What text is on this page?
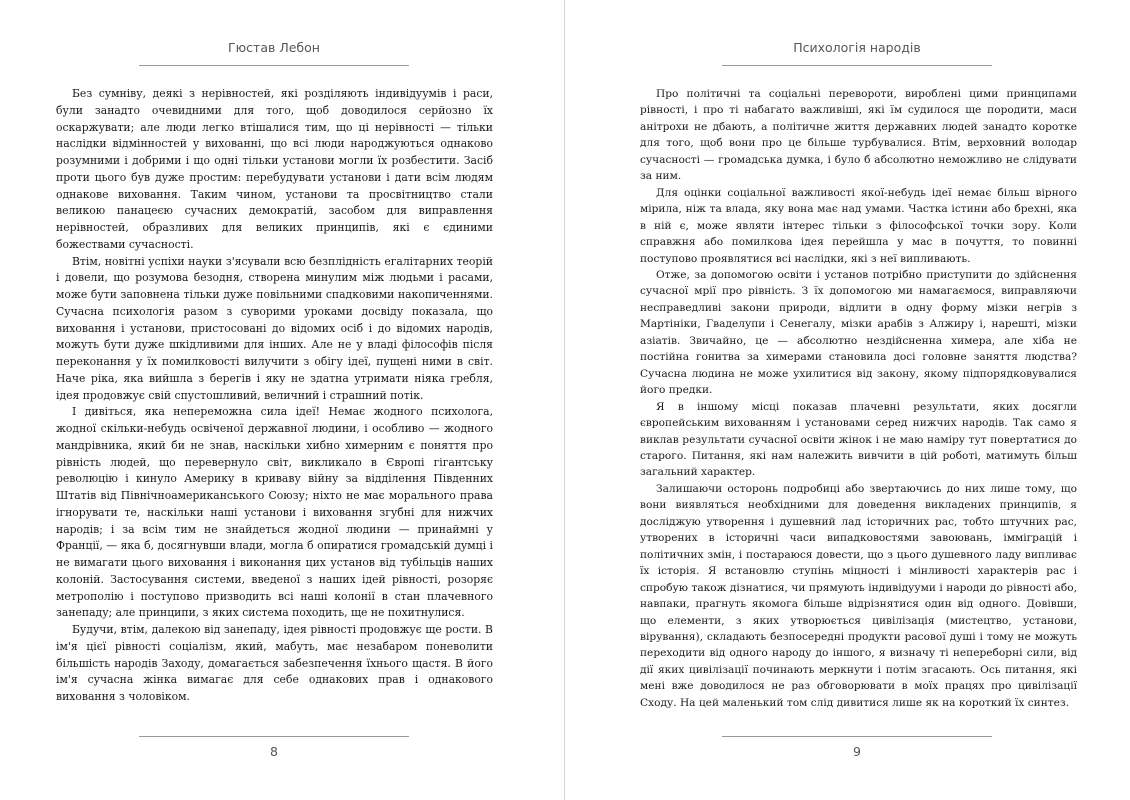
Гюстав Лебон

Без сумніву, деякі з нерівностей, які розділяють індивідуумів і раси, були занадто очевидними для того, щоб доводилося серйозно їх оскаржувати; але люди легко втішалися тим, що ці нерівності — тільки наслідки відмінностей у вихованні, що всі люди народжуються однаково розумними і добрими і що одні тільки установи могли їх розбестити. Засіб проти цього був дуже простим: перебудувати установи і дати всім людям однакове виховання. Таким чином, установи та просвітництво стали великою панацеєю сучасних демократій, засобом для виправлення нерівностей, образливих для великих принципів, які є єдиними божествами сучасності.

Втім, новітні успіхи науки з'ясували всю безплідність егалітарних теорій і довели, що розумова безодня, створена минулим між людьми і расами, може бути заповнена тільки дуже повільними спадковими накопиченнями. Сучасна психологія разом з суворими уроками досвіду показала, що виховання і установи, пристосовані до відомих осіб і до відомих народів, можуть бути дуже шкідливими для інших. Але не у владі філософів після переконання у їх помилковості вилучити з обігу ідеї, пущені ними в світ. Наче ріка, яка вийшла з берегів і яку не здатна утримати ніяка гребля, ідея продовжує свій спустошливий, величний і страшний потік.

І дивіться, яка непереможна сила ідеї! Немає жодного психолога, жодної скільки-небудь освіченої державної людини, і особливо — жодного мандрівника, який би не знав, наскільки хибно химерним є поняття про рівність людей, що перевернуло світ, викликало в Європі гігантську революцію і кинуло Америку в криваву війну за відділення Південних Штатів від Північноамериканського Союзу; ніхто не має морального права ігнорувати те, наскільки наші установи і виховання згубні для нижчих народів; і за всім тим не знайдеться жодної людини — принаймні у Франції, — яка б, досягнувши влади, могла б опиратися громадській думці і не вимагати цього виховання і виконання цих установ від тубільців наших колоній. Застосування системи, введеної з наших ідей рівності, розоряє метрополію і поступово призводить всі наші колонії в стан плачевного занепаду; але принципи, з яких система походить, ще не похитнулися.

Будучи, втім, далекою від занепаду, ідея рівності продовжує ще рости. В ім'я цієї рівності соціалізм, який, мабуть, має незабаром поневолити більшість народів Заходу, домагається забезпечення їхнього щастя. В його ім'я сучасна жінка вимагає для себе однакових прав і однакового виховання з чоловіком.

8
Психологія народів

Про політичні та соціальні перевороти, вироблені цими принципами рівності, і про ті набагато важливіші, які їм судилося ще породити, маси анітрохи не дбають, а політичне життя державних людей занадто коротке для того, щоб вони про це більше турбувалися. Втім, верховний володар сучасності — громадська думка, і було б абсолютно неможливо не слідувати за ним.

Для оцінки соціальної важливості якої-небудь ідеї немає більш вірного мірила, ніж та влада, яку вона має над умами. Частка істини або брехні, яка в ній є, може являти інтерес тільки з філософської точки зору. Коли справжня або помилкова ідея перейшла у мас в почуття, то повинні поступово проявлятися всі наслідки, які з неї випливають.

Отже, за допомогою освіти і установ потрібно приступити до здійснення сучасної мрії про рівність. З їх допомогою ми намагаємося, виправляючи несправедливі закони природи, відлити в одну форму мізки негрів з Мартініки, Гваделупи і Сенегалу, мізки арабів з Алжиру і, нарешті, мізки азіатів. Звичайно, це — абсолютно нездійсненна химера, але хіба не постійна гонитва за химерами становила досі головне заняття людства? Сучасна людина не може ухилитися від закону, якому підпорядковувалися його предки.

Я в іншому місці показав плачевні результати, яких досягли європейським вихованням і установами серед нижчих народів. Так само я виклав результати сучасної освіти жінок і не маю наміру тут повертатися до старого. Питання, які нам належить вивчити в цій роботі, матимуть більш загальний характер.

Залишаючи осторонь подробиці або звертаючись до них лише тому, що вони виявляться необхідними для доведення викладених принципів, я досліджую утворення і душевний лад історичних рас, тобто штучних рас, утворених в історичні часи випадковостями завоювань, імміграцій і політичних змін, і постараюся довести, що з цього душевного ладу випливає їх історія. Я встановлю ступінь міцності і мінливості характерів рас і спробую також дізнатися, чи прямують індивідууми і народи до рівності або, навпаки, прагнуть якомога більше відрізнятися один від одного. Довівши, що елементи, з яких утворюється цивілізація (мистецтво, установи, вірування), складають безпосередні продукти расової душі і тому не можуть переходити від одного народу до іншого, я визначу ті непереборні сили, від дії яких цивілізації починають меркнути і потім згасають. Ось питання, які мені вже доводилося не раз обговорювати в моїх працях про цивілізації Сходу. На цей маленький том слід дивитися лише як на короткий їх синтез.

9
